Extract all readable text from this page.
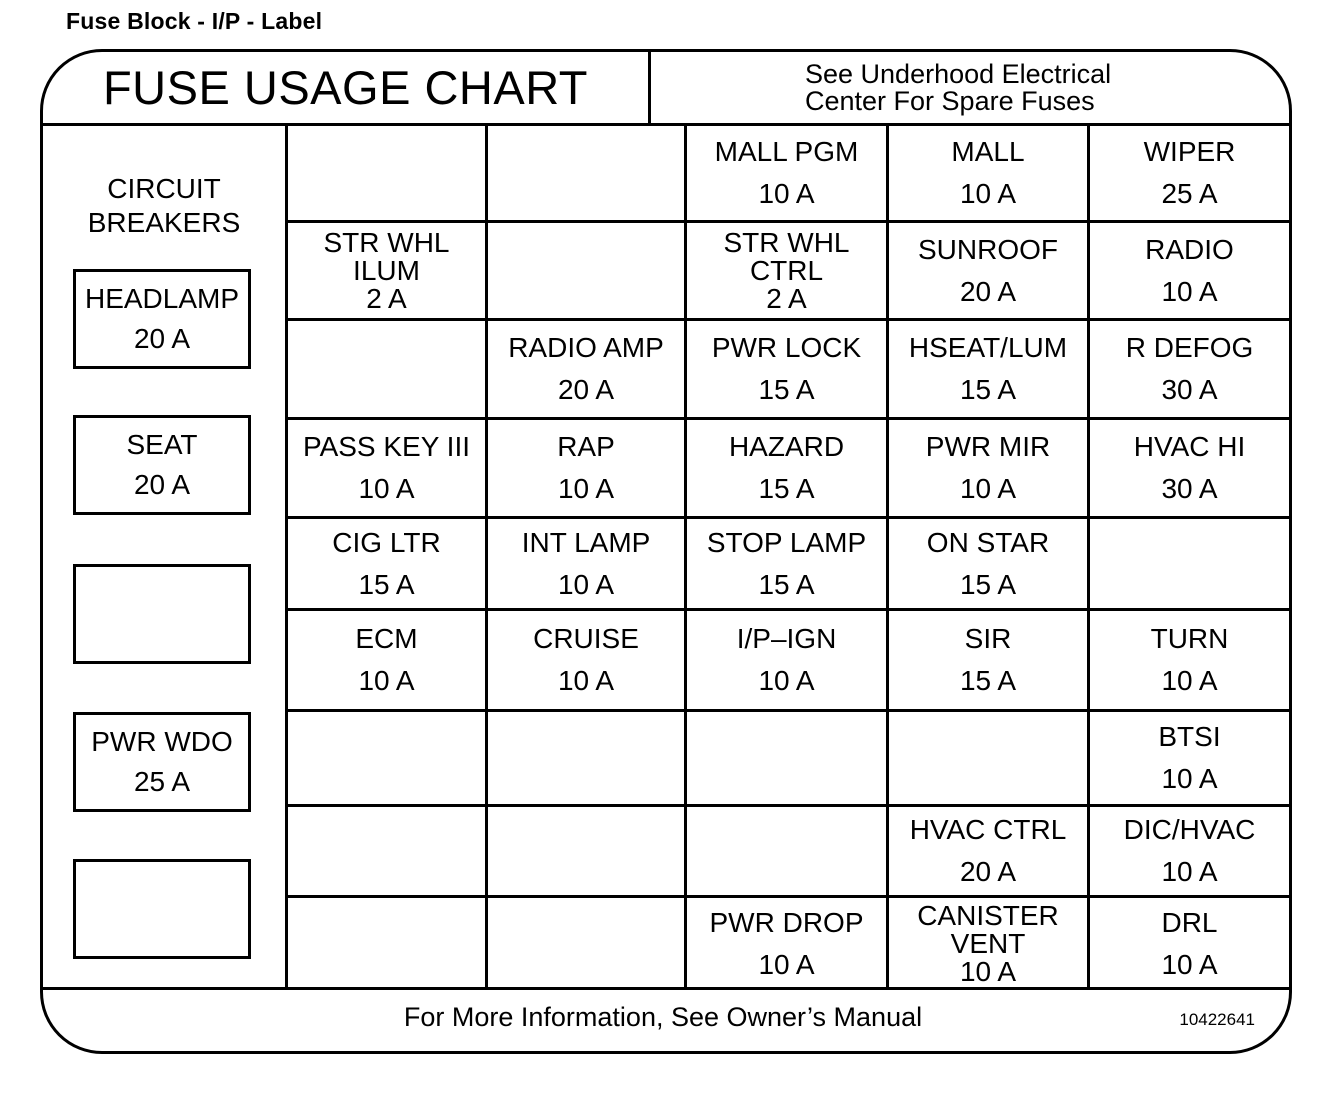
Fuse Block - I/P - Label
FUSE USAGE CHART	See Underhood Electrical
Center For Spare Fuses
CIRCUIT
BREAKERS
HEADLAMP
20 A
SEAT
20 A
PWR WDO
25 A
MALL PGM
10 A
MALL
10 A
WIPER
25 A
STR WHL
ILUM
2 A
STR WHL
CTRL
2 A
SUNROOF
20 A
RADIO
10 A
RADIO AMP
20 A
PWR LOCK
15 A
HSEAT/LUM
15 A
R DEFOG
30 A
PASS KEY III
10 A
RAP
10 A
HAZARD
15 A
PWR MIR
10 A
HVAC HI
30 A
CIG LTR
15 A
INT LAMP
10 A
STOP LAMP
15 A
ON STAR
15 A
ECM
10 A
CRUISE
10 A
I/P–IGN
10 A
SIR
15 A
TURN
10 A
BTSI
10 A
HVAC CTRL
20 A
DIC/HVAC
10 A
PWR DROP
10 A
CANISTER
VENT
10 A
DRL
10 A
For More Information, See Owner’s Manual	10422641
